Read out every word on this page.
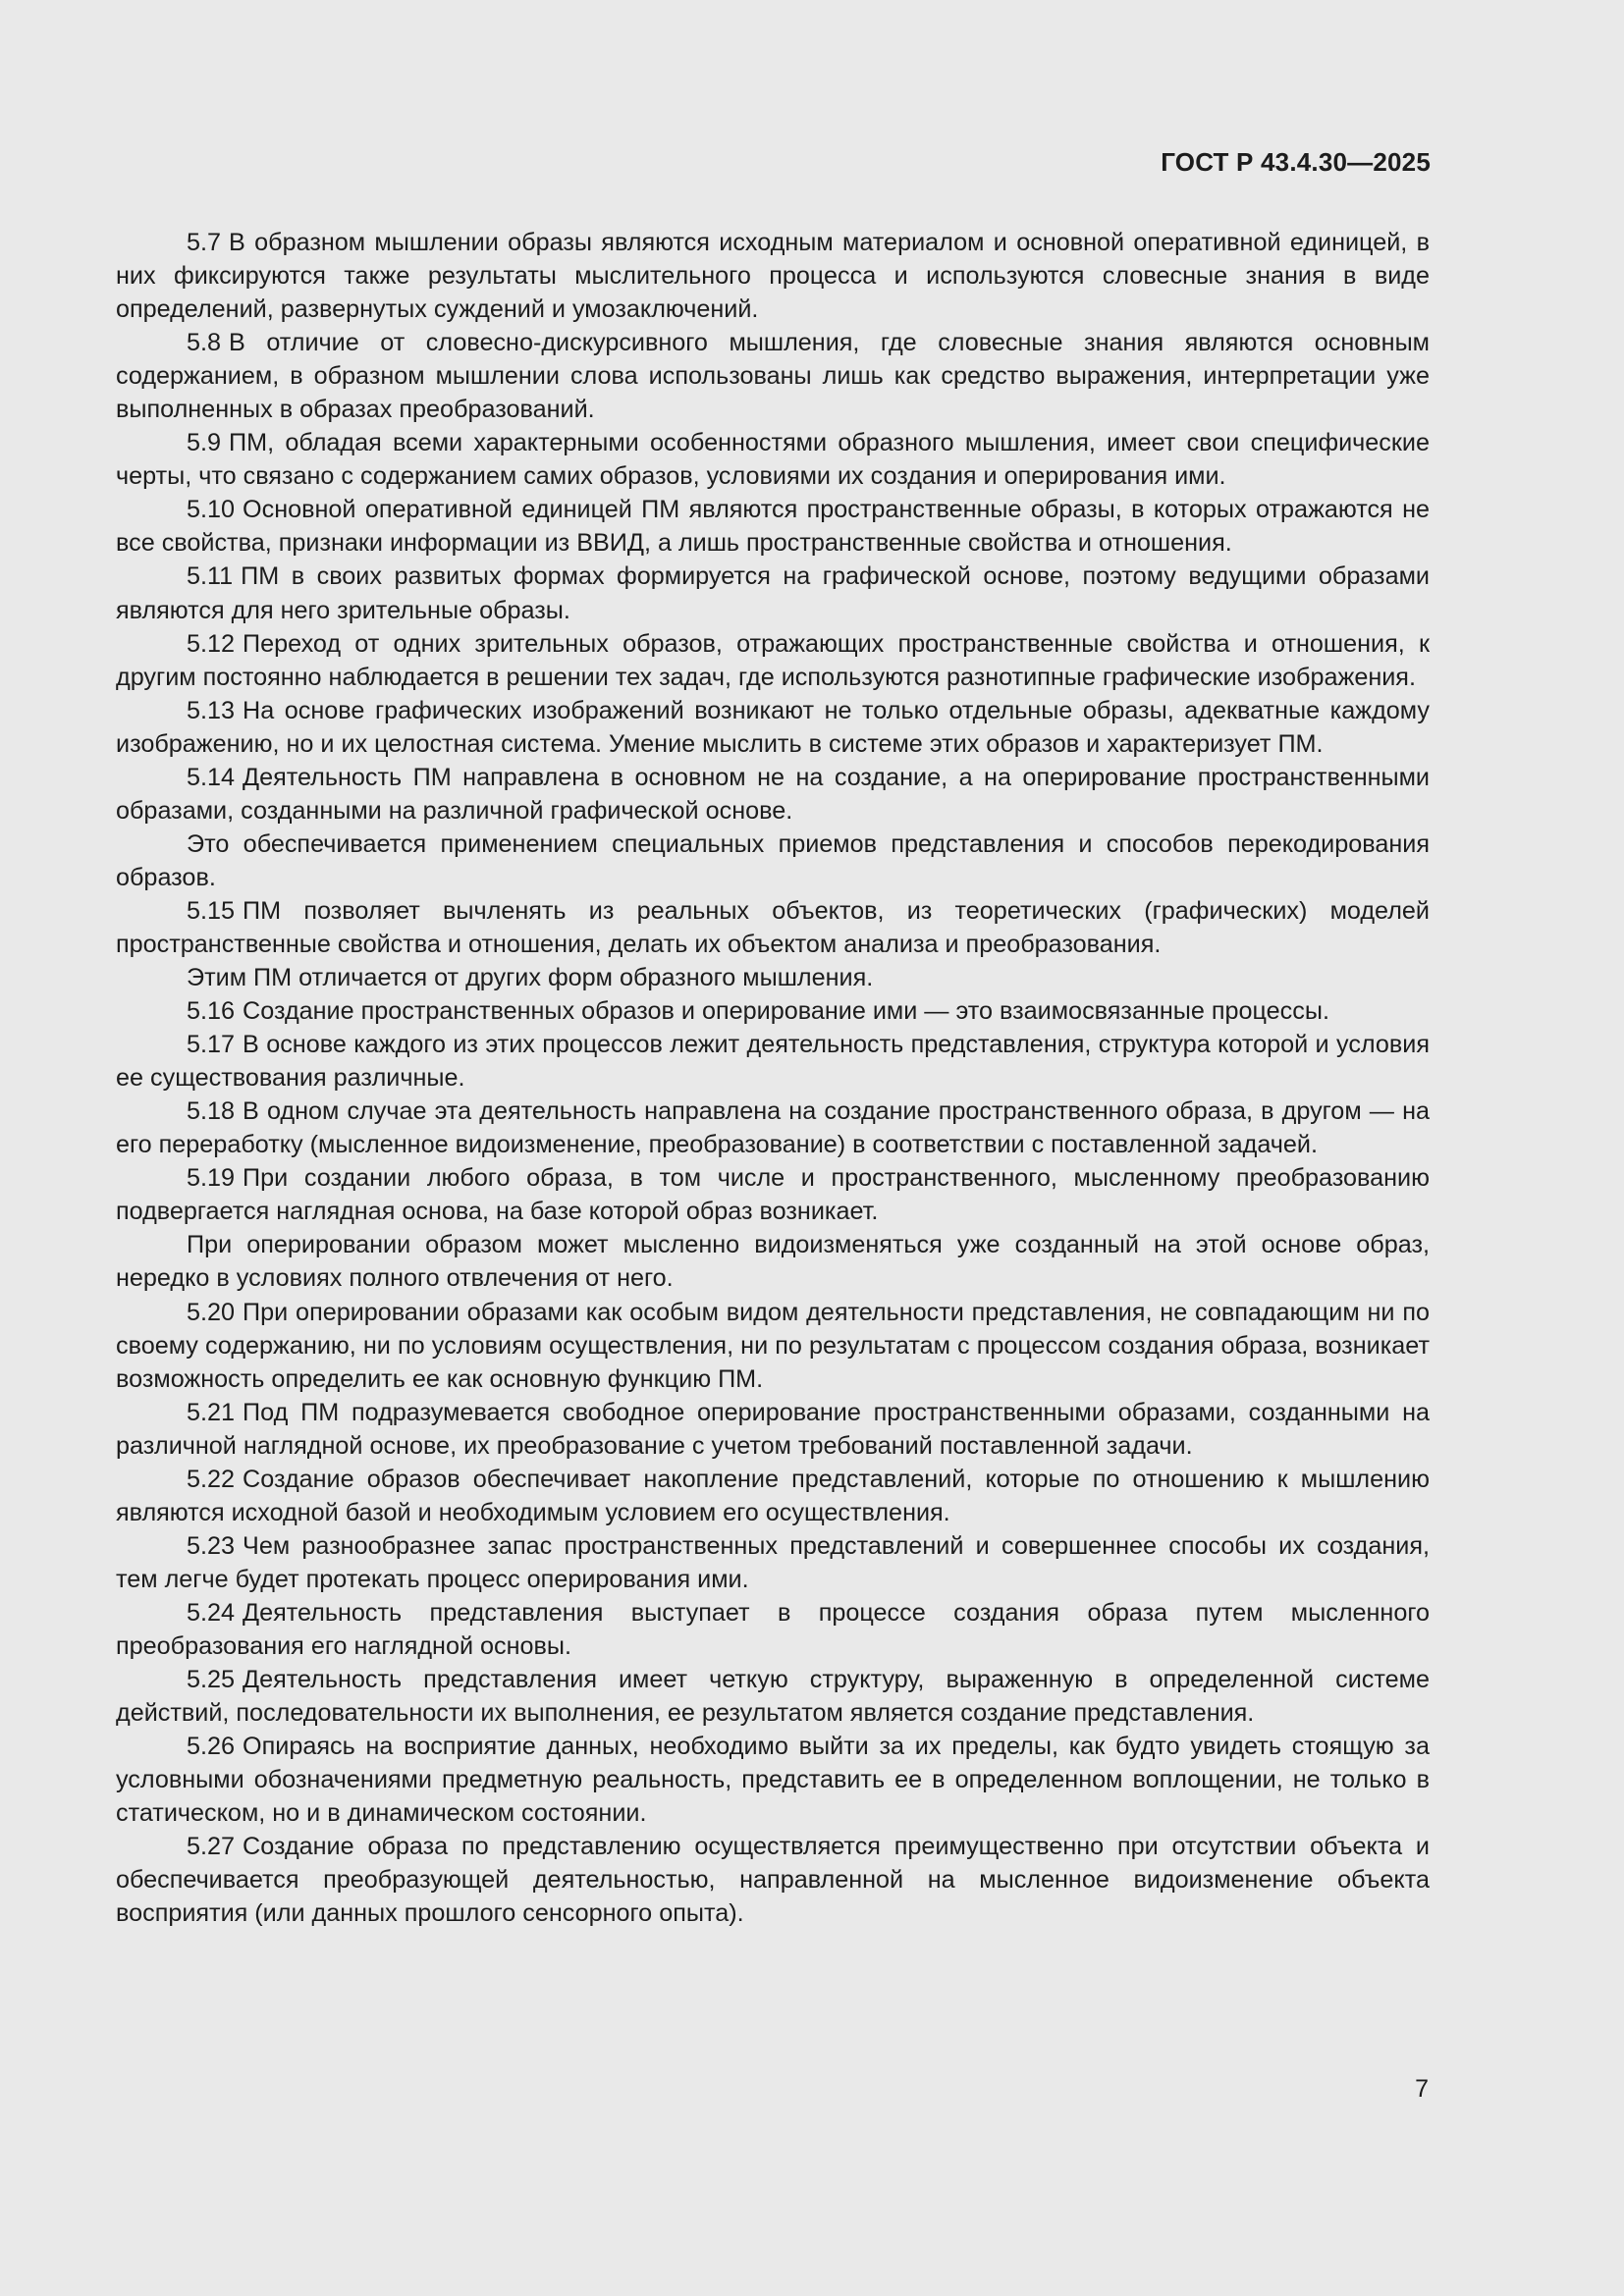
ГОСТ Р 43.4.30—2025

5.7 В образном мышлении образы являются исходным материалом и основной оперативной единицей, в них фиксируются также результаты мыслительного процесса и используются словесные знания в виде определений, развернутых суждений и умозаключений.

5.8 В отличие от словесно-дискурсивного мышления, где словесные знания являются основным содержанием, в образном мышлении слова использованы лишь как средство выражения, интерпретации уже выполненных в образах преобразований.

5.9 ПМ, обладая всеми характерными особенностями образного мышления, имеет свои специфические черты, что связано с содержанием самих образов, условиями их создания и оперирования ими.

5.10 Основной оперативной единицей ПМ являются пространственные образы, в которых отражаются не все свойства, признаки информации из ВВИД, а лишь пространственные свойства и отношения.

5.11 ПМ в своих развитых формах формируется на графической основе, поэтому ведущими образами являются для него зрительные образы.

5.12 Переход от одних зрительных образов, отражающих пространственные свойства и отношения, к другим постоянно наблюдается в решении тех задач, где используются разнотипные графические изображения.

5.13 На основе графических изображений возникают не только отдельные образы, адекватные каждому изображению, но и их целостная система. Умение мыслить в системе этих образов и характеризует ПМ.

5.14 Деятельность ПМ направлена в основном не на создание, а на оперирование пространственными образами, созданными на различной графической основе.

Это обеспечивается применением специальных приемов представления и способов перекодирования образов.

5.15 ПМ позволяет вычленять из реальных объектов, из теоретических (графических) моделей пространственные свойства и отношения, делать их объектом анализа и преобразования.

Этим ПМ отличается от других форм образного мышления.

5.16 Создание пространственных образов и оперирование ими — это взаимосвязанные процессы.

5.17 В основе каждого из этих процессов лежит деятельность представления, структура которой и условия ее существования различные.

5.18 В одном случае эта деятельность направлена на создание пространственного образа, в другом — на его переработку (мысленное видоизменение, преобразование) в соответствии с поставленной задачей.

5.19 При создании любого образа, в том числе и пространственного, мысленному преобразованию подвергается наглядная основа, на базе которой образ возникает.

При оперировании образом может мысленно видоизменяться уже созданный на этой основе образ, нередко в условиях полного отвлечения от него.

5.20 При оперировании образами как особым видом деятельности представления, не совпадающим ни по своему содержанию, ни по условиям осуществления, ни по результатам с процессом создания образа, возникает возможность определить ее как основную функцию ПМ.

5.21 Под ПМ подразумевается свободное оперирование пространственными образами, созданными на различной наглядной основе, их преобразование с учетом требований поставленной задачи.

5.22 Создание образов обеспечивает накопление представлений, которые по отношению к мышлению являются исходной базой и необходимым условием его осуществления.

5.23 Чем разнообразнее запас пространственных представлений и совершеннее способы их создания, тем легче будет протекать процесс оперирования ими.

5.24 Деятельность представления выступает в процессе создания образа путем мысленного преобразования его наглядной основы.

5.25 Деятельность представления имеет четкую структуру, выраженную в определенной системе действий, последовательности их выполнения, ее результатом является создание представления.

5.26 Опираясь на восприятие данных, необходимо выйти за их пределы, как будто увидеть стоящую за условными обозначениями предметную реальность, представить ее в определенном воплощении, не только в статическом, но и в динамическом состоянии.

5.27 Создание образа по представлению осуществляется преимущественно при отсутствии объекта и обеспечивается преобразующей деятельностью, направленной на мысленное видоизменение объекта восприятия (или данных прошлого сенсорного опыта).

7
